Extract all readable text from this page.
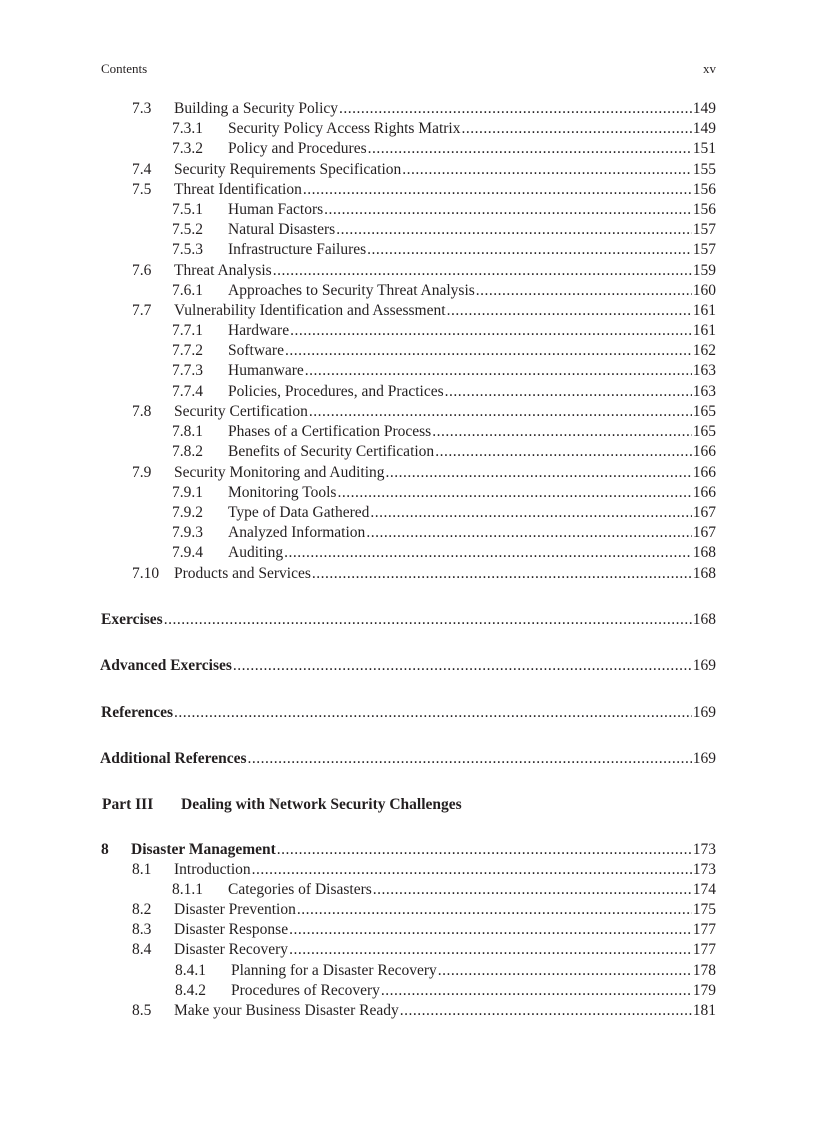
Contents	xv
7.3 Building a Security Policy .....	149
7.3.1 Security Policy Access Rights Matrix .....	149
7.3.2 Policy and Procedures .....	151
7.4 Security Requirements Specification .....	155
7.5 Threat Identification .....	156
7.5.1 Human Factors .....	156
7.5.2 Natural Disasters .....	157
7.5.3 Infrastructure Failures .....	157
7.6 Threat Analysis .....	159
7.6.1 Approaches to Security Threat Analysis .....	160
7.7 Vulnerability Identification and Assessment .....	161
7.7.1 Hardware .....	161
7.7.2 Software .....	162
7.7.3 Humanware .....	163
7.7.4 Policies, Procedures, and Practices .....	163
7.8 Security Certification .....	165
7.8.1 Phases of a Certification Process .....	165
7.8.2 Benefits of Security Certification .....	166
7.9 Security Monitoring and Auditing .....	166
7.9.1 Monitoring Tools .....	166
7.9.2 Type of Data Gathered .....	167
7.9.3 Analyzed Information .....	167
7.9.4 Auditing .....	168
7.10 Products and Services .....	168
Exercises .....	168
Advanced Exercises .....	169
References .....	169
Additional References .....	169
Part III Dealing with Network Security Challenges
8 Disaster Management .....	173
8.1 Introduction .....	173
8.1.1 Categories of Disasters .....	174
8.2 Disaster Prevention .....	175
8.3 Disaster Response .....	177
8.4 Disaster Recovery .....	177
8.4.1 Planning for a Disaster Recovery .....	178
8.4.2 Procedures of Recovery .....	179
8.5 Make your Business Disaster Ready .....	181
